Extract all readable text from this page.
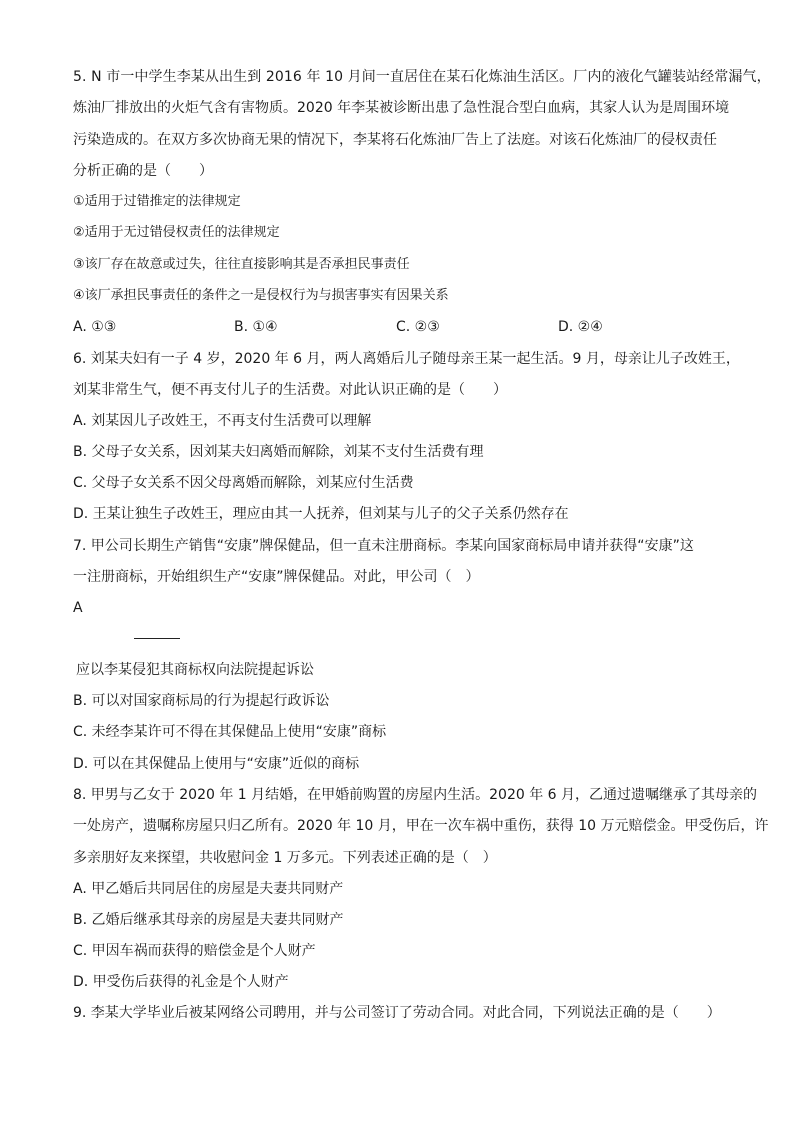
5. N 市一中学生李某从出生到 2016 年 10 月间一直居住在某石化炼油生活区。厂内的液化气罐装站经常漏气，
炼油厂排放出的火炬气含有害物质。2020 年李某被诊断出患了急性混合型白血病，其家人认为是周围环境
污染造成的。在双方多次协商无果的情况下，李某将石化炼油厂告上了法庭。对该石化炼油厂的侵权责任
分析正确的是（　　）
①适用于过错推定的法律规定
②适用于无过错侵权责任的法律规定
③该厂存在故意或过失，往往直接影响其是否承担民事责任
④该厂承担民事责任的条件之一是侵权行为与损害事实有因果关系
A. ①③	B. ①④	C. ②③	D. ②④
6. 刘某夫妇有一子 4 岁，2020 年 6 月，两人离婚后儿子随母亲王某一起生活。9 月，母亲让儿子改姓王，
刘某非常生气，便不再支付儿子的生活费。对此认识正确的是（　　）
A. 刘某因儿子改姓王，不再支付生活费可以理解
B. 父母子女关系，因刘某夫妇离婚而解除，刘某不支付生活费有理
C. 父母子女关系不因父母离婚而解除，刘某应付生活费
D. 王某让独生子改姓王，理应由其一人抚养，但刘某与儿子的父子关系仍然存在
7. 甲公司长期生产销售“安康”牌保健品，但一直未注册商标。李某向国家商标局申请并获得“安康”这
一注册商标，开始组织生产“安康”牌保健品。对此，甲公司（　）
A
应以李某侵犯其商标权向法院提起诉讼
B. 可以对国家商标局的行为提起行政诉讼
C. 未经李某许可不得在其保健品上使用“安康”商标
D. 可以在其保健品上使用与“安康”近似的商标
8. 甲男与乙女于 2020 年 1 月结婚，在甲婚前购置的房屋内生活。2020 年 6 月，乙通过遗嘱继承了其母亲的
一处房产，遗嘱称房屋只归乙所有。2020 年 10 月，甲在一次车祸中重伤，获得 10 万元赔偿金。甲受伤后，许
多亲朋好友来探望，共收慰问金 1 万多元。下列表述正确的是（　）
A. 甲乙婚后共同居住的房屋是夫妻共同财产
B. 乙婚后继承其母亲的房屋是夫妻共同财产
C. 甲因车祸而获得的赔偿金是个人财产
D. 甲受伤后获得的礼金是个人财产
9. 李某大学毕业后被某网络公司聘用，并与公司签订了劳动合同。对此合同，下列说法正确的是（　　）
